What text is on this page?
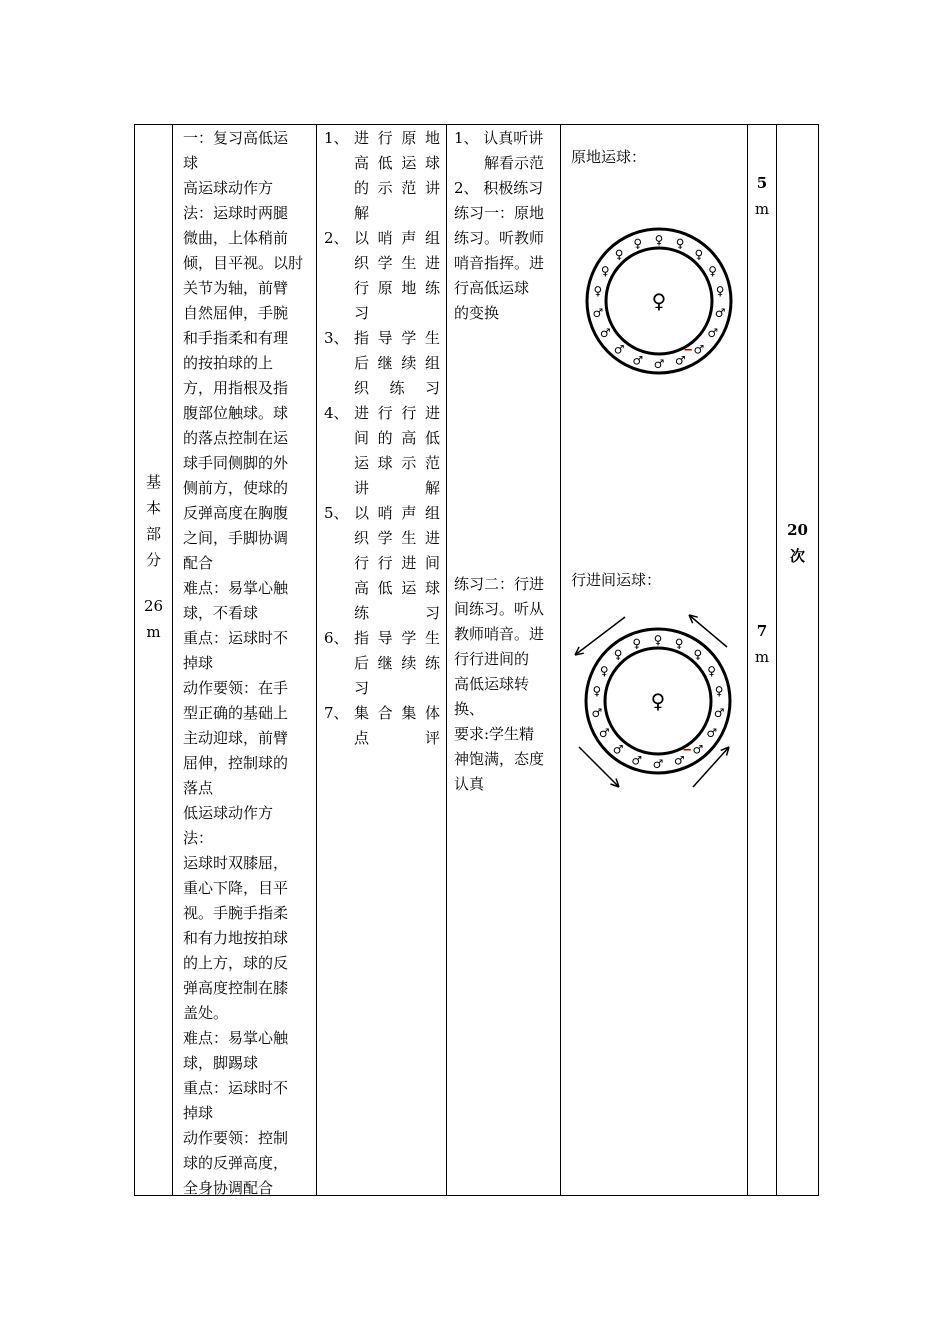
基
本
部
分
26
m
一：复习高低运
球
高运球动作方
法：运球时两腿
微曲，上体稍前
倾，目平视。以肘
关节为轴，前臂
自然屈伸，手腕
和手指柔和有理
的按拍球的上
方，用指根及指
腹部位触球。球
的落点控制在运
球手同侧脚的外
侧前方，使球的
反弹高度在胸腹
之间，手脚协调
配合
难点：易掌心触
球，不看球
重点：运球时不
掉球
动作要领：在手
型正确的基础上
主动迎球，前臂
屈伸，控制球的
落点
低运球动作方
法：
运球时双膝屈，
重心下降，目平
视。手腕手指柔
和有力地按拍球
的上方，球的反
弹高度控制在膝
盖处。
难点：易掌心触
球，脚踢球
重点：运球时不
掉球
动作要领：控制
球的反弹高度，
全身协调配合
1、 进行原地
高低运球
的示范讲
解
2、 以哨声组
织学生进
行原地练
习
3、 指导学生
后继续组
织练习
4、 进行行进
间的高低
运球示范
讲解
5、 以哨声组
织学生进
行行进间
高低运球
练习
6、 指导学生
后继续练
习
7、 集合集体
点评
1、 认真听讲
解看示范
2、 积极练习
练习一：原地
练习。听教师
哨音指挥。进
行高低运球
的变换
练习二：行进
间练习。听从
教师哨音。进
行行进间的
高低运球转
换、
要求:学生精
神饱满，态度
认真
原地运球：
行进间运球：
♀
‒
♀ ♀
♀
♀
♀
♂
♂
♂
♂
♂
♂
♂
♂
♂
♀
♀
♀
♀
♀
‒
♀ ♀
♀
♀
♀
♂
♂
♂
♂
♂
♂
♂
♂
♂
♀
♀
♀
♀
5
m
7
m
20
次
